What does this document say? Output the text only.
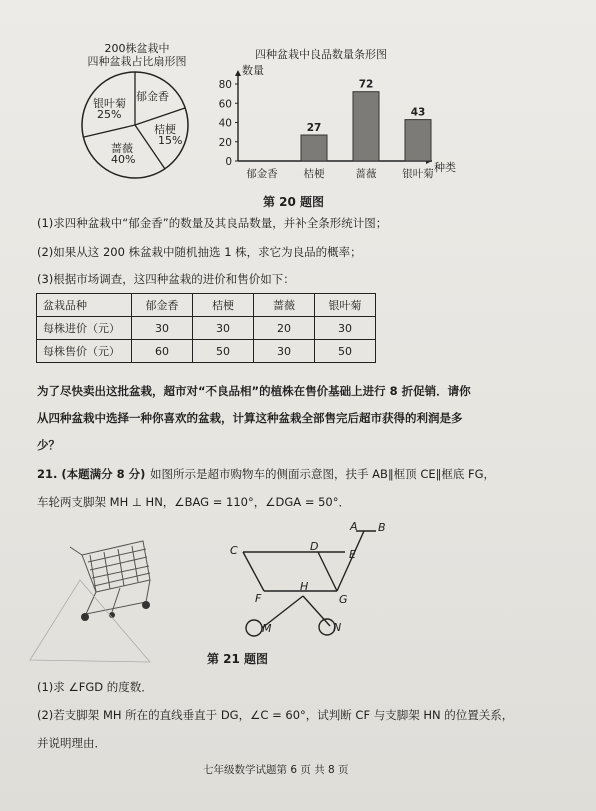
200株盆栽中
四种盆栽占比扇形图
郁金香
桔梗
15%
蔷薇
40%
银叶菊
25%
四种盆栽中良品数量条形图
0
20
40
60
80
数量
种类
郁金香 桔梗
27
蔷薇
72
银叶菊
43
第 20 题图
(1)求四种盆栽中“郁金香”的数量及其良品数量，并补全条形统计图；
(2)如果从这 200 株盆栽中随机抽选 1 株，求它为良品的概率；
(3)根据市场调查，这四种盆栽的进价和售价如下：
盆栽品种	郁金香	桔梗	蔷薇	银叶菊
每株进价（元）	30	30	20	30
每株售价（元）	60	50	30	50
为了尽快卖出这批盆栽，超市对“不良品相”的植株在售价基础上进行 8 折促销．请你
从四种盆栽中选择一种你喜欢的盆栽，计算这种盆栽全部售完后超市获得的利润是多
少？
21. (本题满分 8 分) 如图所示是超市购物车的侧面示意图，扶手 AB∥框顶 CE∥框底 FG，
车轮两支脚架 MH ⊥ HN，∠BAG = 110°，∠DGA = 50°．
A B
C	D
E
H
F	G
M	N
第 21 题图
(1)求 ∠FGD 的度数．
(2)若支脚架 MH 所在的直线垂直于 DG，∠C = 60°，试判断 CF 与支脚架 HN 的位置关系，
并说明理由．
七年级数学试题第 6 页 共 8 页
